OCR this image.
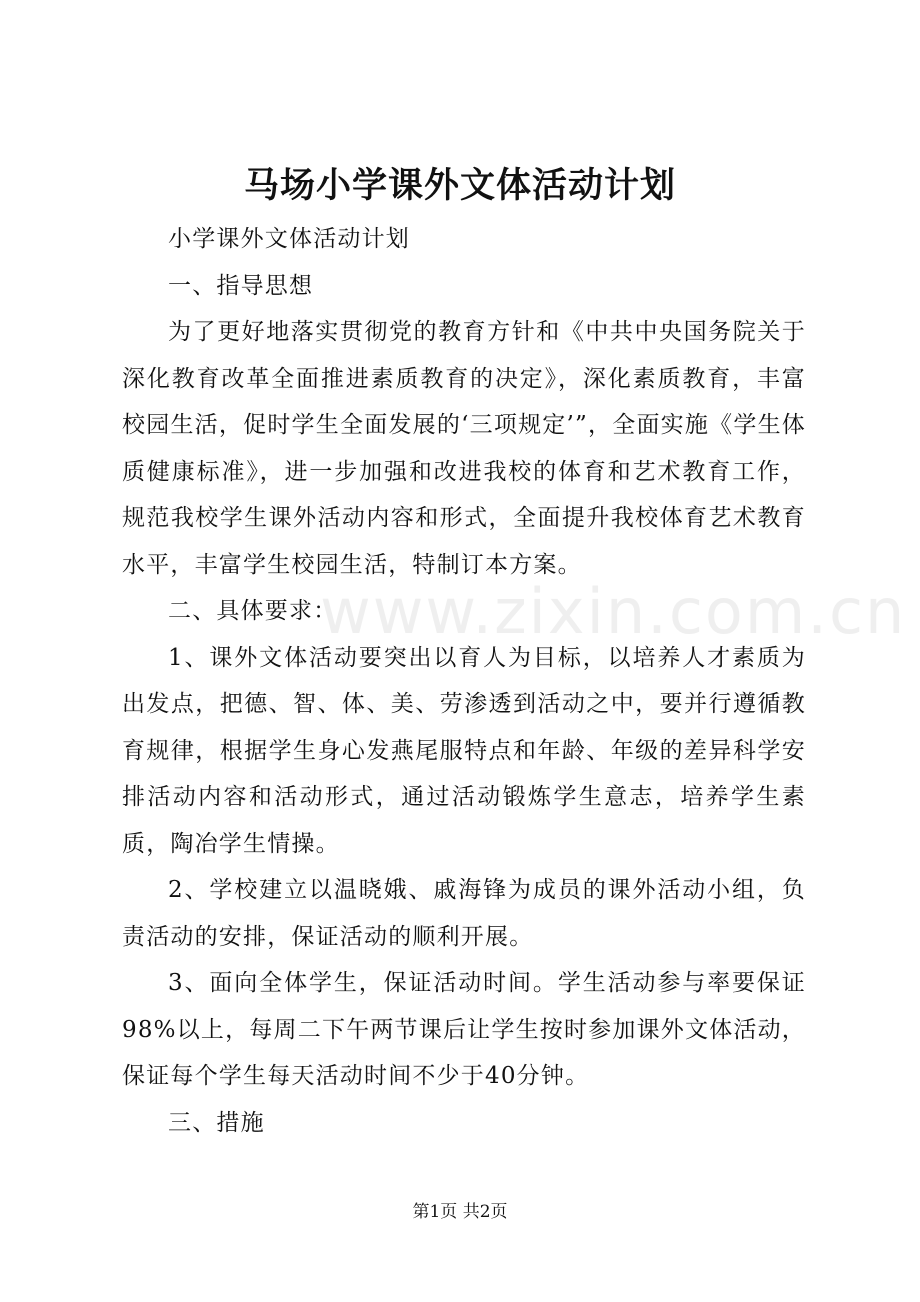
马场小学课外文体活动计划
www.zixin.com.cn

小学课外文体活动计划

一、指导思想

为了更好地落实贯彻党的教育方针和《中共中央国务院关于深化教育改革全面推进素质教育的决定》，深化素质教育，丰富校园生活，促时学生全面发展的‘三项规定’”，全面实施《学生体质健康标准》，进一步加强和改进我校的体育和艺术教育工作，规范我校学生课外活动内容和形式，全面提升我校体育艺术教育水平，丰富学生校园生活，特制订本方案。

二、具体要求：

1、课外文体活动要突出以育人为目标，以培养人才素质为出发点，把德、智、体、美、劳渗透到活动之中，要并行遵循教育规律，根据学生身心发燕尾服特点和年龄、年级的差异科学安排活动内容和活动形式，通过活动锻炼学生意志，培养学生素质，陶冶学生情操。

2、学校建立以温晓娥、戚海锋为成员的课外活动小组，负责活动的安排，保证活动的顺利开展。

3、面向全体学生，保证活动时间。学生活动参与率要保证98%以上，每周二下午两节课后让学生按时参加课外文体活动，保证每个学生每天活动时间不少于40分钟。

三、措施

第1页 共2页
